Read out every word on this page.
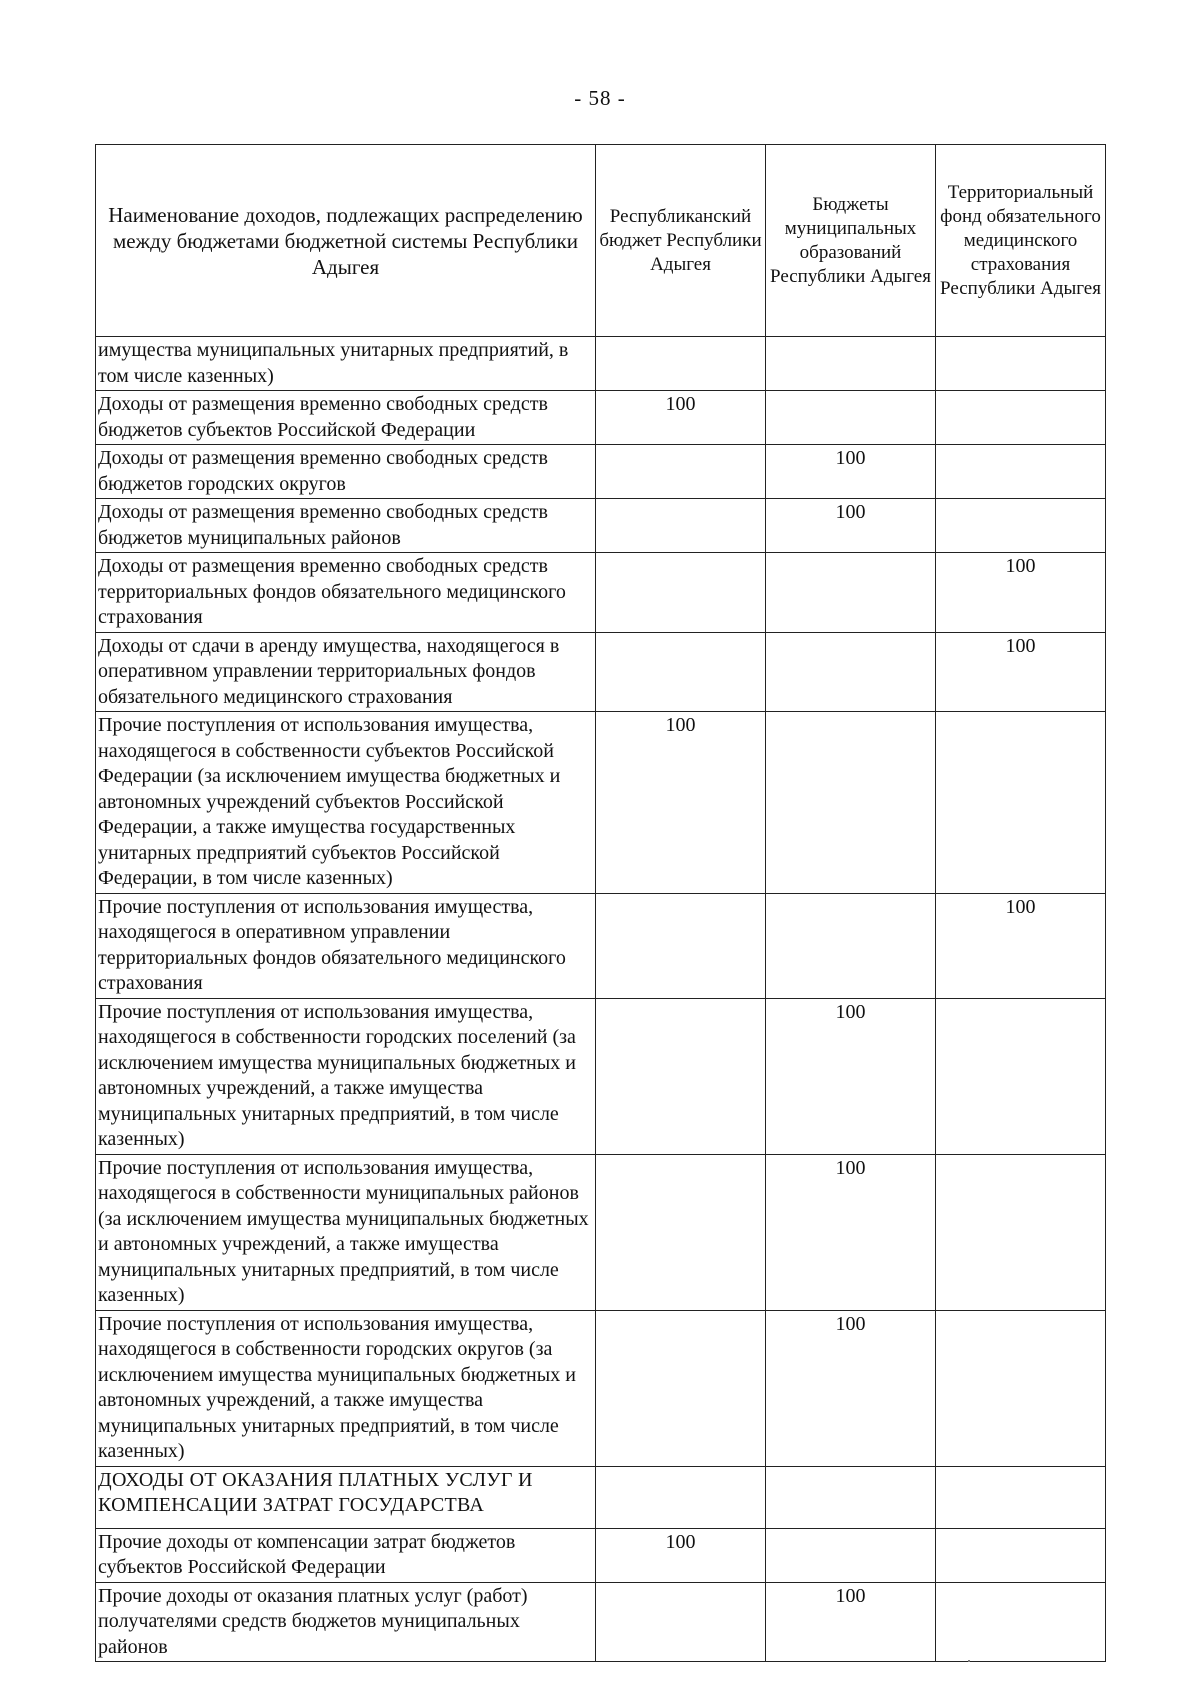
- 58 -
Наименование доходов, подлежащих распределению между бюджетами бюджетной системы Республики Адыгея	Республиканский бюджет Республики Адыгея	Бюджеты муниципальных образований Республики Адыгея	Территориальный фонд обязательного медицинского страхования Республики Адыгея
имущества муниципальных унитарных предприятий, в том числе казенных)			
Доходы от размещения временно свободных средств бюджетов субъектов Российской Федерации	100		
Доходы от размещения временно свободных средств бюджетов городских округов		100	
Доходы от размещения временно свободных средств бюджетов муниципальных районов		100	
Доходы от размещения временно свободных средств территориальных фондов обязательного медицинского страхования			100
Доходы от сдачи в аренду имущества, находящегося в оперативном управлении территориальных фондов обязательного медицинского страхования			100
Прочие поступления от использования имущества, находящегося в собственности субъектов Российской Федерации (за исключением имущества бюджетных и автономных учреждений субъектов Российской Федерации, а также имущества государственных унитарных предприятий субъектов Российской Федерации, в том числе казенных)	100		
Прочие поступления от использования имущества, находящегося в оперативном управлении территориальных фондов обязательного медицинского страхования			100
Прочие поступления от использования имущества, находящегося в собственности городских поселений (за исключением имущества муниципальных бюджетных и автономных учреждений, а также имущества муниципальных унитарных предприятий, в том числе казенных)		100	
Прочие поступления от использования имущества, находящегося в собственности муниципальных районов (за исключением имущества муниципальных бюджетных и автономных учреждений, а также имущества муниципальных унитарных предприятий, в том числе казенных)		100	
Прочие поступления от использования имущества, находящегося в собственности городских округов (за исключением имущества муниципальных бюджетных и автономных учреждений, а также имущества муниципальных унитарных предприятий, в том числе казенных)		100	
ДОХОДЫ ОТ ОКАЗАНИЯ ПЛАТНЫХ УСЛУГ И КОМПЕНСАЦИИ ЗАТРАТ ГОСУДАРСТВА			
Прочие доходы от компенсации затрат бюджетов субъектов Российской Федерации	100		
Прочие доходы от оказания платных услуг (работ) получателями средств бюджетов муниципальных районов		100	
